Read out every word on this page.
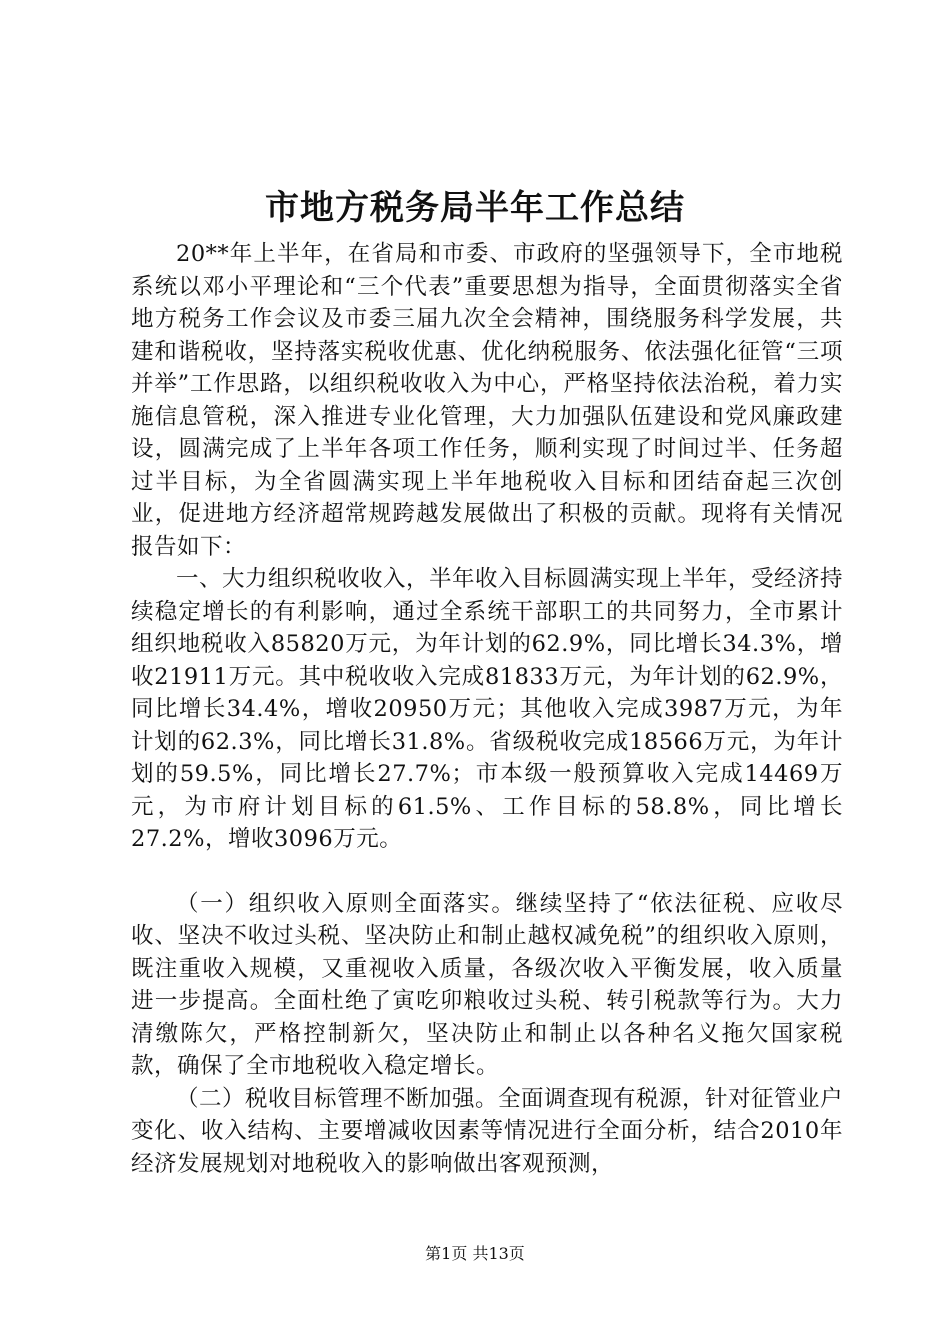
市地方税务局半年工作总结

20**年上半年，在省局和市委、市政府的坚强领导下，全市地税系统以邓小平理论和“三个代表”重要思想为指导，全面贯彻落实全省地方税务工作会议及市委三届九次全会精神，围绕服务科学发展，共建和谐税收，坚持落实税收优惠、优化纳税服务、依法强化征管“三项并举”工作思路，以组织税收收入为中心，严格坚持依法治税，着力实施信息管税，深入推进专业化管理，大力加强队伍建设和党风廉政建设，圆满完成了上半年各项工作任务，顺利实现了时间过半、任务超过半目标，为全省圆满实现上半年地税收入目标和团结奋起三次创业，促进地方经济超常规跨越发展做出了积极的贡献。现将有关情况报告如下：

一、大力组织税收收入，半年收入目标圆满实现上半年，受经济持续稳定增长的有利影响，通过全系统干部职工的共同努力，全市累计组织地税收入85820万元，为年计划的62.9%，同比增长34.3%，增收21911万元。其中税收收入完成81833万元，为年计划的62.9%，同比增长34.4%，增收20950万元；其他收入完成3987万元，为年计划的62.3%，同比增长31.8%。省级税收完成18566万元，为年计划的59.5%，同比增长27.7%；市本级一般预算收入完成14469万元，为市府计划目标的61.5%、工作目标的58.8%，同比增长27.2%，增收3096万元。

（一）组织收入原则全面落实。继续坚持了“依法征税、应收尽收、坚决不收过头税、坚决防止和制止越权减免税”的组织收入原则，既注重收入规模，又重视收入质量，各级次收入平衡发展，收入质量进一步提高。全面杜绝了寅吃卯粮收过头税、转引税款等行为。大力清缴陈欠，严格控制新欠，坚决防止和制止以各种名义拖欠国家税款，确保了全市地税收入稳定增长。

（二）税收目标管理不断加强。全面调查现有税源，针对征管业户变化、收入结构、主要增减收因素等情况进行全面分析，结合2010年经济发展规划对地税收入的影响做出客观预测，

第1页 共13页
